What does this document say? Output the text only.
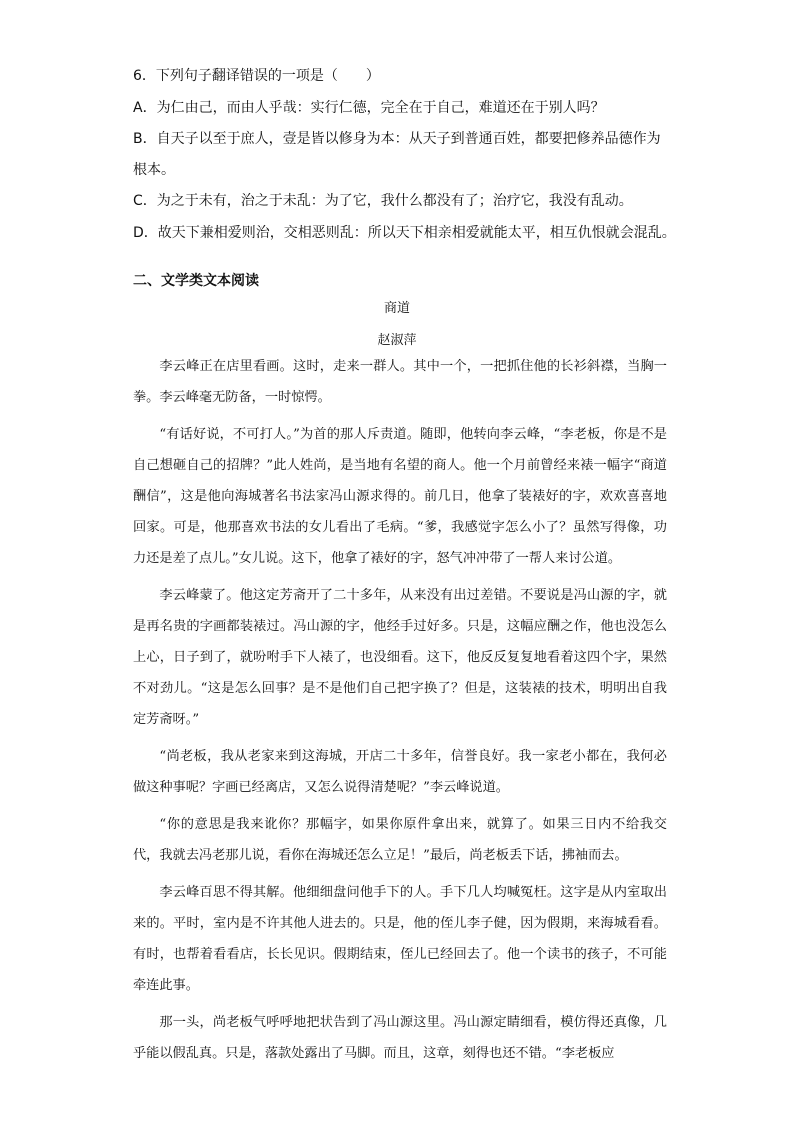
6．下列句子翻译错误的一项是（　　）
A．为仁由己，而由人乎哉：实行仁德，完全在于自己，难道还在于别人吗？
B．自天子以至于庶人，壹是皆以修身为本：从天子到普通百姓，都要把修养品德作为
根本。
C．为之于未有，治之于未乱：为了它，我什么都没有了；治疗它，我没有乱动。
D．故天下兼相爱则治，交相恶则乱：所以天下相亲相爱就能太平，相互仇恨就会混乱。
二、文学类文本阅读
商道
赵淑萍

李云峰正在店里看画。这时，走来一群人。其中一个，一把抓住他的长衫斜襟，当胸一拳。李云峰毫无防备，一时惊愕。

“有话好说，不可打人。”为首的那人斥责道。随即，他转向李云峰，“李老板，你是不是自己想砸自己的招牌？”此人姓尚，是当地有名望的商人。他一个月前曾经来裱一幅字“商道酬信”，这是他向海城著名书法家冯山源求得的。前几日，他拿了装裱好的字，欢欢喜喜地回家。可是，他那喜欢书法的女儿看出了毛病。“爹，我感觉字怎么小了？虽然写得像，功力还是差了点儿。”女儿说。这下，他拿了裱好的字，怒气冲冲带了一帮人来讨公道。

李云峰蒙了。他这定芳斋开了二十多年，从来没有出过差错。不要说是冯山源的字，就是再名贵的字画都装裱过。冯山源的字，他经手过好多。只是，这幅应酬之作，他也没怎么上心，日子到了，就吩咐手下人裱了，也没细看。这下，他反反复复地看着这四个字，果然不对劲儿。“这是怎么回事？是不是他们自己把字换了？但是，这装裱的技术，明明出自我定芳斋呀。”

“尚老板，我从老家来到这海城，开店二十多年，信誉良好。我一家老小都在，我何必做这种事呢？字画已经离店，又怎么说得清楚呢？”李云峰说道。

“你的意思是我来讹你？那幅字，如果你原件拿出来，就算了。如果三日内不给我交代，我就去冯老那儿说，看你在海城还怎么立足！”最后，尚老板丢下话，拂袖而去。

李云峰百思不得其解。他细细盘问他手下的人。手下几人均喊冤枉。这字是从内室取出来的。平时，室内是不许其他人进去的。只是，他的侄儿李子健，因为假期，来海城看看。有时，也帮着看看店，长长见识。假期结束，侄儿已经回去了。他一个读书的孩子，不可能牵连此事。

那一头，尚老板气呼呼地把状告到了冯山源这里。冯山源定睛细看，模仿得还真像，几乎能以假乱真。只是，落款处露出了马脚。而且，这章，刻得也还不错。“李老板应
